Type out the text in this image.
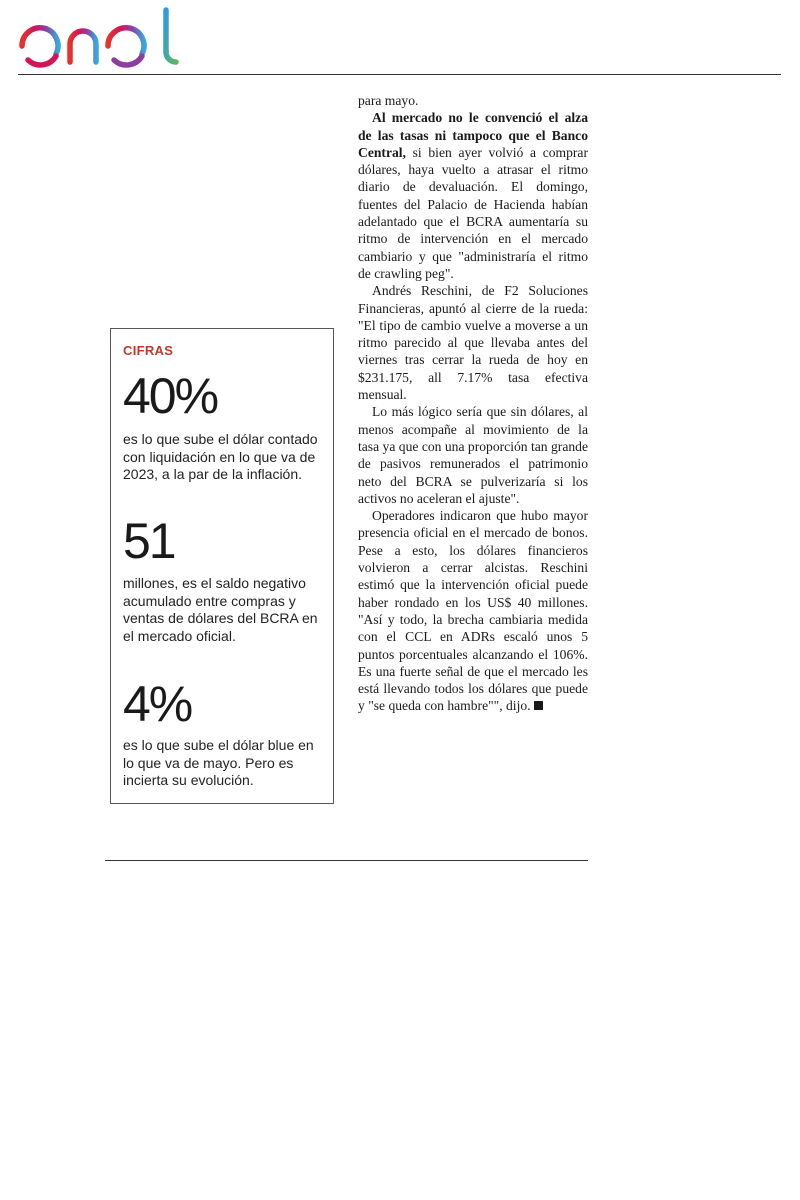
CIFRAS
40%
es lo que sube el dólar contado con liquidación en lo que va de 2023, a la par de la inflación.
51
millones, es el saldo negativo acumulado entre compras y ventas de dólares del BCRA en el mercado oficial.
4%
es lo que sube el dólar blue en lo que va de mayo. Pero es incierta su evolución.

para mayo.

Al mercado no le convenció el alza de las tasas ni tampoco que el Banco Central, si bien ayer volvió a comprar dólares, haya vuelto a atrasar el ritmo diario de devaluación. El domingo, fuentes del Palacio de Hacienda habían adelantado que el BCRA aumentaría su ritmo de intervención en el mercado cambiario y que "administraría el ritmo de crawling peg".

Andrés Reschini, de F2 Soluciones Financieras, apuntó al cierre de la rueda: "El tipo de cambio vuelve a moverse a un ritmo parecido al que llevaba antes del viernes tras cerrar la rueda de hoy en $231.175, all 7.17% tasa efectiva mensual.

Lo más lógico sería que sin dólares, al menos acompañe al movimiento de la tasa ya que con una proporción tan grande de pasivos remunerados el patrimonio neto del BCRA se pulverizaría si los activos no aceleran el ajuste".

Operadores indicaron que hubo mayor presencia oficial en el mercado de bonos. Pese a esto, los dólares financieros volvieron a cerrar alcistas. Reschini estimó que la intervención oficial puede haber rondado en los US$ 40 millones. "Así y todo, la brecha cambiaria medida con el CCL en ADRs escaló unos 5 puntos porcentuales alcanzando el 106%. Es una fuerte señal de que el mercado les está llevando todos los dólares que puede y "se queda con hambre"", dijo.
